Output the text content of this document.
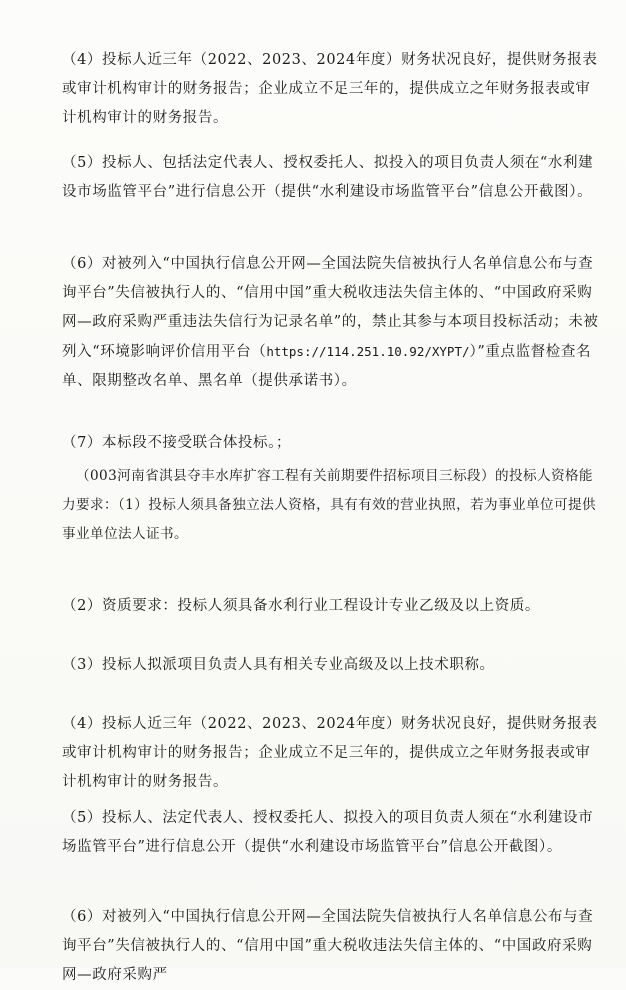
（4）投标人近三年（2022、2023、2024年度）财务状况良好，提供财务报表或审计机构审计的财务报告；企业成立不足三年的，提供成立之年财务报表或审计机构审计的财务报告。

（5）投标人、包括法定代表人、授权委托人、拟投入的项目负责人须在“水利建设市场监管平台”进行信息公开（提供“水利建设市场监管平台”信息公开截图）。

（6）对被列入“中国执行信息公开网—全国法院失信被执行人名单信息公布与查询平台”失信被执行人的、“信用中国”重大税收违法失信主体的、“中国政府采购网—政府采购严重违法失信行为记录名单”的，禁止其参与本项目投标活动；未被列入“环境影响评价信用平台（https://114.251.10.92/XYPT/）”重点监督检查名单、限期整改名单、黑名单（提供承诺书）。

（7）本标段不接受联合体投标。；

（003河南省淇县夺丰水库扩容工程有关前期要件招标项目三标段）的投标人资格能力要求：（1）投标人须具备独立法人资格，具有有效的营业执照，若为事业单位可提供事业单位法人证书。

（2）资质要求：投标人须具备水利行业工程设计专业乙级及以上资质。

（3）投标人拟派项目负责人具有相关专业高级及以上技术职称。

（4）投标人近三年（2022、2023、2024年度）财务状况良好，提供财务报表或审计机构审计的财务报告；企业成立不足三年的，提供成立之年财务报表或审计机构审计的财务报告。

（5）投标人、法定代表人、授权委托人、拟投入的项目负责人须在“水利建设市场监管平台”进行信息公开（提供“水利建设市场监管平台”信息公开截图）。

（6）对被列入“中国执行信息公开网—全国法院失信被执行人名单信息公布与查询平台”失信被执行人的、“信用中国”重大税收违法失信主体的、“中国政府采购网—政府采购严
